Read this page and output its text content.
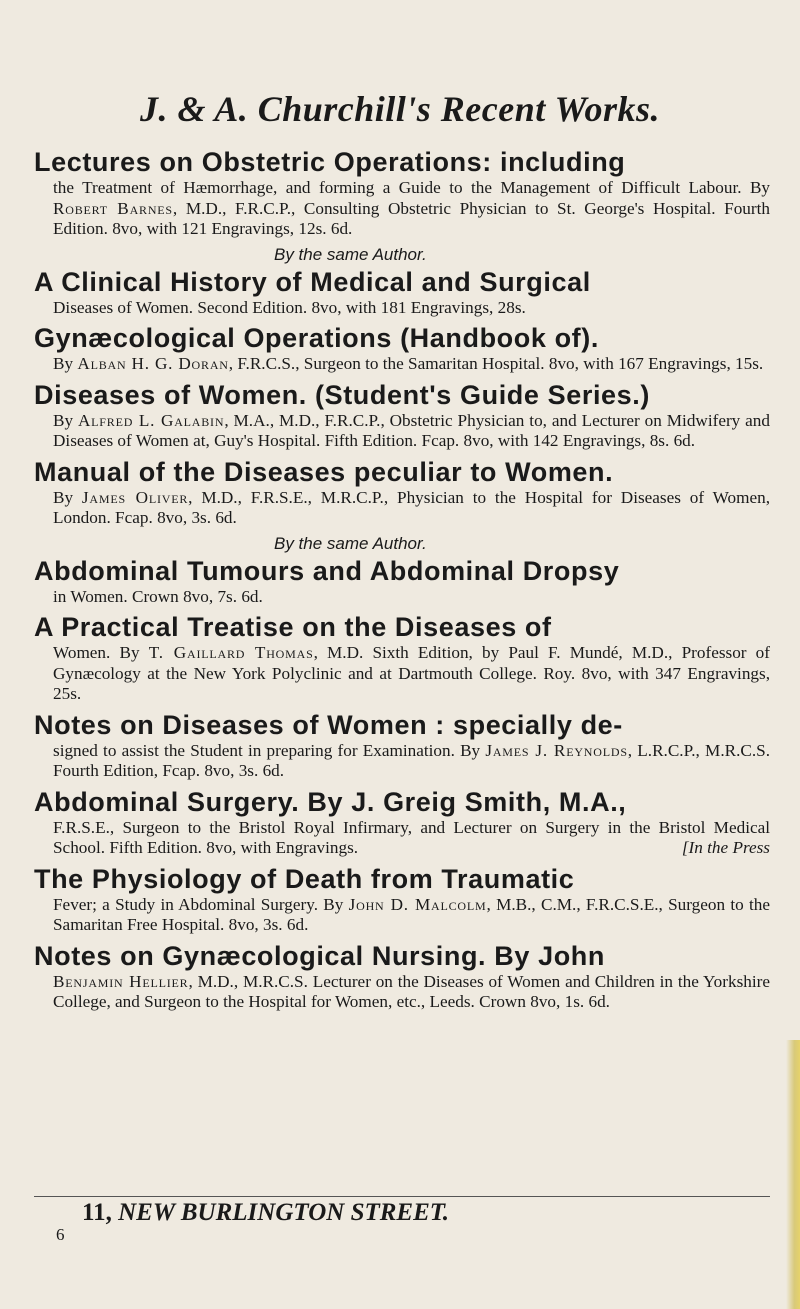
J. & A. Churchill's Recent Works.
Lectures on Obstetric Operations: including
the Treatment of Hæmorrhage, and forming a Guide to the Management of Difficult Labour. By Robert Barnes, M.D., F.R.C.P., Consulting Obstetric Physician to St. George's Hospital. Fourth Edition. 8vo, with 121 Engravings, 12s. 6d.
By the same Author.
A Clinical History of Medical and Surgical
Diseases of Women. Second Edition. 8vo, with 181 Engravings, 28s.
Gynæcological Operations (Handbook of).
By Alban H. G. Doran, F.R.C.S., Surgeon to the Samaritan Hospital. 8vo, with 167 Engravings, 15s.
Diseases of Women. (Student's Guide Series.)
By Alfred L. Galabin, M.A., M.D., F.R.C.P., Obstetric Physician to, and Lecturer on Midwifery and Diseases of Women at, Guy's Hospital. Fifth Edition. Fcap. 8vo, with 142 Engravings, 8s. 6d.
Manual of the Diseases peculiar to Women.
By James Oliver, M.D., F.R.S.E., M.R.C.P., Physician to the Hospital for Diseases of Women, London. Fcap. 8vo, 3s. 6d.
By the same Author.
Abdominal Tumours and Abdominal Dropsy
in Women. Crown 8vo, 7s. 6d.
A Practical Treatise on the Diseases of
Women. By T. Gaillard Thomas, M.D. Sixth Edition, by Paul F. Mundé, M.D., Professor of Gynæcology at the New York Polyclinic and at Dartmouth College. Roy. 8vo, with 347 Engravings, 25s.
Notes on Diseases of Women : specially de-
signed to assist the Student in preparing for Examination. By James J. Reynolds, L.R.C.P., M.R.C.S. Fourth Edition, Fcap. 8vo, 3s. 6d.
Abdominal Surgery. By J. Greig Smith, M.A.,
F.R.S.E., Surgeon to the Bristol Royal Infirmary, and Lecturer on Surgery in the Bristol Medical School. Fifth Edition. 8vo, with Engravings.	[In the Press
The Physiology of Death from Traumatic
Fever; a Study in Abdominal Surgery. By John D. Malcolm, M.B., C.M., F.R.C.S.E., Surgeon to the Samaritan Free Hospital. 8vo, 3s. 6d.
Notes on Gynæcological Nursing. By John
Benjamin Hellier, M.D., M.R.C.S. Lecturer on the Diseases of Women and Children in the Yorkshire College, and Surgeon to the Hospital for Women, etc., Leeds. Crown 8vo, 1s. 6d.
11, NEW BURLINGTON STREET.
6
